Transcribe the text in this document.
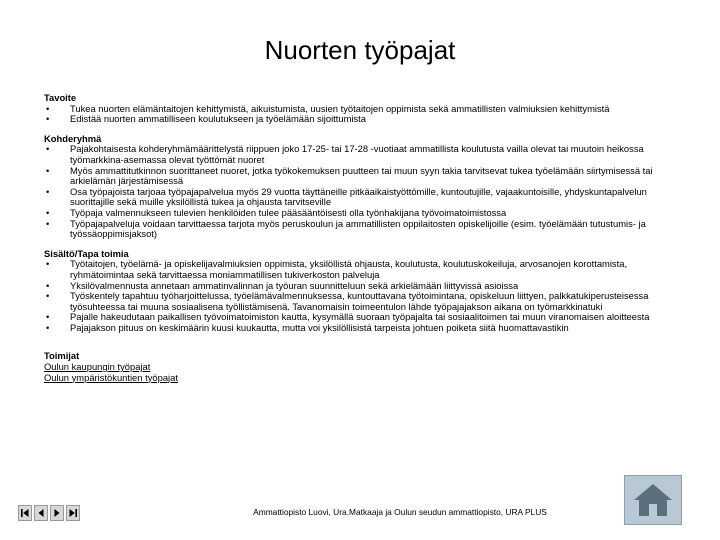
Nuorten työpajat
Tavoite
•	Tukea nuorten elämäntaitojen kehittymistä, aikuistumista, uusien työtaitojen oppimista sekä ammatillisten valmiuksien kehittymistä
•	Edistää nuorten ammatilliseen koulutukseen ja työelämään sijoittumista
Kohderyhmä
•	Pajakohtaisesta kohderyhmämäärittelystä riippuen joko 17-25- tai 17-28 -vuotiaat ammatillista koulutusta vailla olevat tai muutoin heikossa työmarkkina-asemassa olevat työttömät nuoret
•	Myös ammattitutkinnon suorittaneet nuoret, jotka työkokemuksen puutteen tai muun syyn takia tarvitsevat tukea työelämään siirtymisessä tai arkielämän järjestämisessä
•	Osa työpajoista tarjoaa työpajapalvelua myös 29 vuotta täyttäneille pitkäaikaistyöttömille, kuntoutujille, vajaakuntoisille, yhdyskuntapalvelun suorittajille sekä muille yksilöllistä tukea ja ohjausta tarvitseville
•	Työpaja valmennukseen tulevien henkilöiden tulee pääsääntöisesti olla työnhakijana työvoimatoimistossa
•	Työpajapalveluja voidaan tarvittaessa tarjota myös peruskoulun ja ammatillisten oppilaitosten opiskelijoille (esim. työelämään tutustumis- ja työssäoppimisjaksot)
Sisältö/Tapa toimia
•	Työtaitojen, työelämä- ja opiskelijavalmiuksien oppimista, yksilöllistä ohjausta, koulutusta, koulutuskokeiluja, arvosanojen korottamista, ryhmätoimintaa sekä tarvittaessa moniammatillisen tukiverkoston palveluja
•	Yksilövalmennusta annetaan ammatinvalinnan ja työuran suunnitteluun sekä arkielämään liittyvissä asioissa
•	Työskentely tapahtuu työharjoittelussa, työelämävalmennuksessa, kuntouttavana työtoimintana, opiskeluun liittyen, palkkatukiperusteisessa työsuhteessa tai muuna sosiaalisena työllistämisenä. Tavanomaisin toimeentulon lähde työpajajakson aikana on työmarkkinatuki
•	Pajalle hakeudutaan paikallisen työvoimatoimiston kautta, kysymällä suoraan työpajalta tai sosiaalitoimen tai muun viranomaisen aloitteesta
•	Pajajakson pituus on keskimäärin kuusi kuukautta, mutta voi yksilöllisistä tarpeista johtuen poiketa siitä huomattavastikin
Toimijat
Oulun kaupungin työpajat
Oulun ympäristökuntien työpajat
Ammattiopisto Luovi, Ura.Matkaaja ja Oulun seudun ammattiopisto, URA PLUS
